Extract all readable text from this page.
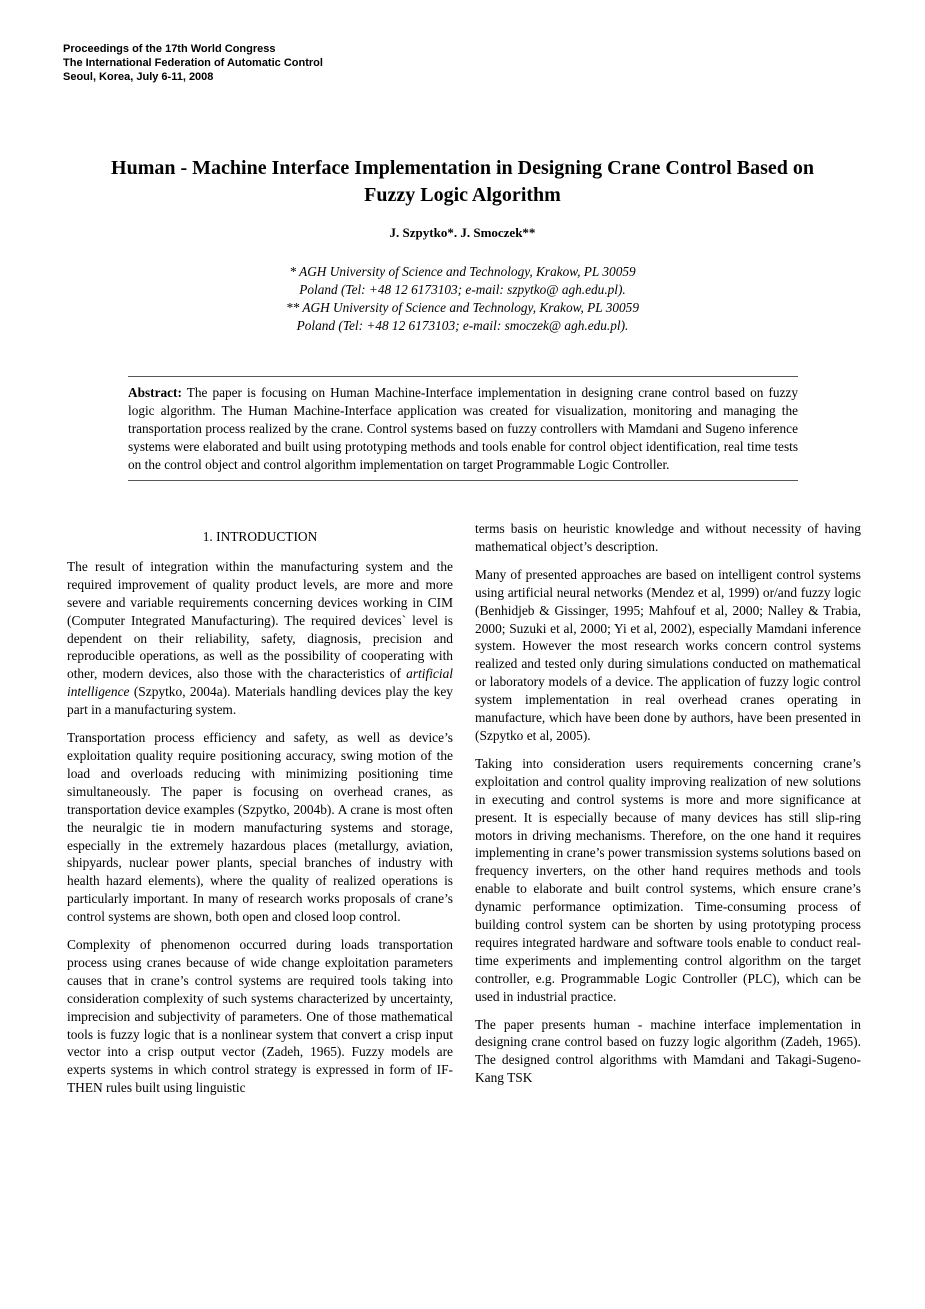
Proceedings of the 17th World Congress
The International Federation of Automatic Control
Seoul, Korea, July 6-11, 2008
Human - Machine Interface Implementation in Designing Crane Control Based on
Fuzzy Logic Algorithm
J. Szpytko*. J. Smoczek**
* AGH University of Science and Technology, Krakow, PL 30059
Poland (Tel: +48 12 6173103; e-mail: szpytko@ agh.edu.pl).
** AGH University of Science and Technology, Krakow, PL 30059
Poland (Tel: +48 12 6173103; e-mail: smoczek@ agh.edu.pl).
Abstract: The paper is focusing on Human Machine-Interface implementation in designing crane control based on fuzzy logic algorithm. The Human Machine-Interface application was created for visualization, monitoring and managing the transportation process realized by the crane. Control systems based on fuzzy controllers with Mamdani and Sugeno inference systems were elaborated and built using prototyping methods and tools enable for control object identification, real time tests on the control object and control algorithm implementation on target Programmable Logic Controller.

1. INTRODUCTION

The result of integration within the manufacturing system and the required improvement of quality product levels, are more and more severe and variable requirements concerning devices working in CIM (Computer Integrated Manufacturing). The required devices` level is dependent on their reliability, safety, diagnosis, precision and reproducible operations, as well as the possibility of cooperating with other, modern devices, also those with the characteristics of artificial intelligence (Szpytko, 2004a). Materials handling devices play the key part in a manufacturing system.

Transportation process efficiency and safety, as well as device’s exploitation quality require positioning accuracy, swing motion of the load and overloads reducing with minimizing positioning time simultaneously. The paper is focusing on overhead cranes, as transportation device examples (Szpytko, 2004b). A crane is most often the neuralgic tie in modern manufacturing systems and storage, especially in the extremely hazardous places (metallurgy, aviation, shipyards, nuclear power plants, special branches of industry with health hazard elements), where the quality of realized operations is particularly important. In many of research works proposals of crane’s control systems are shown, both open and closed loop control.

Complexity of phenomenon occurred during loads transportation process using cranes because of wide change exploitation parameters causes that in crane’s control systems are required tools taking into consideration complexity of such systems characterized by uncertainty, imprecision and subjectivity of parameters. One of those mathematical tools is fuzzy logic that is a nonlinear system that convert a crisp input vector into a crisp output vector (Zadeh, 1965). Fuzzy models are experts systems in which control strategy is expressed in form of IF-THEN rules built using linguistic

terms basis on heuristic knowledge and without necessity of having mathematical object’s description.

Many of presented approaches are based on intelligent control systems using artificial neural networks (Mendez et al, 1999) or/and fuzzy logic (Benhidjeb & Gissinger, 1995; Mahfouf et al, 2000; Nalley & Trabia, 2000; Suzuki et al, 2000; Yi et al, 2002), especially Mamdani inference system. However the most research works concern control systems realized and tested only during simulations conducted on mathematical or laboratory models of a device. The application of fuzzy logic control system implementation in real overhead cranes operating in manufacture, which have been done by authors, have been presented in (Szpytko et al, 2005).

Taking into consideration users requirements concerning crane’s exploitation and control quality improving realization of new solutions in executing and control systems is more and more significance at present. It is especially because of many devices has still slip-ring motors in driving mechanisms. Therefore, on the one hand it requires implementing in crane’s power transmission systems solutions based on frequency inverters, on the other hand requires methods and tools enable to elaborate and built control systems, which ensure crane’s dynamic performance optimization. Time-consuming process of building control system can be shorten by using prototyping process requires integrated hardware and software tools enable to conduct real-time experiments and implementing control algorithm on the target controller, e.g. Programmable Logic Controller (PLC), which can be used in industrial practice.

The paper presents human - machine interface implementation in designing crane control based on fuzzy logic algorithm (Zadeh, 1965). The designed control algorithms with Mamdani and Takagi-Sugeno-Kang TSK
